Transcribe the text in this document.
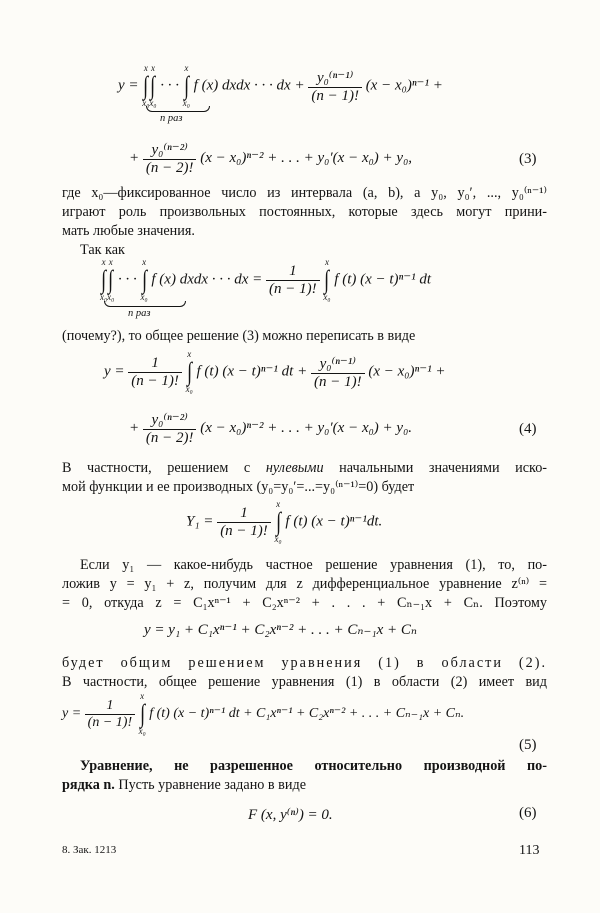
y =
x
∫
x₀
x
∫
x₀
· · ·
x
∫
x₀
f (x) dxdx · · · dx + $\frac{\text{y₀⁽ⁿ⁻¹⁾}}{(n - 1)!} (x - x_0)^{n-1}$ +
n раз
+ $\frac{\text{y₀⁽ⁿ⁻²⁾}}{(n - 2)!} (x - x_0)^{n-2}$ + . . . + y₀′(x − x₀) + y₀,	(3)
где x₀—фиксированное число из интервала (a, b), а y₀, y₀′, ..., y₀⁽ⁿ⁻¹⁾
играют роль произвольных постоянных, которые здесь могут прини-
мать любые значения.
Так как
x
∫
x₀
x
∫
x₀
· · ·
x
∫
x₀
f (x) dxdx · · · dx = $\frac{1}{(n - 1)!}$

x
∫
x₀
f (t) (x − t)ⁿ⁻¹ dt
n раз
(почему?), то общее решение (3) можно переписать в виде
$y = \frac{1}{(n - 1)!}$

x
∫
x₀
f (t) (x − t)ⁿ⁻¹ dt + $\frac{\text{y₀⁽ⁿ⁻¹⁾}}{(n - 1)!} (x - x_0)^{n-1}$ +
+ $\frac{\text{y₀⁽ⁿ⁻²⁾}}{(n - 2)!} (x - x_0)^{n-2}$ + . . . + y₀′(x − x₀) + y₀.	(4)
В частности, решением с нулевыми начальными значениями иско-
мой функции и ее производных (y₀=y₀′=...=y₀⁽ⁿ⁻¹⁾=0) будет
$Y_1 = \frac{1}{(n - 1)!}$

x
∫
x₀
f (t) (x − t)ⁿ⁻¹dt.
Если y₁ — какое-нибудь частное решение уравнения (1), то, по-
ложив y = y₁ + z, получим для z дифференциальное уравнение z⁽ⁿ⁾ =
= 0, откуда z = C₁xⁿ⁻¹ + C₂xⁿ⁻² + . . . + Cₙ₋₁x + Cₙ. Поэтому
y = y₁ + C₁xⁿ⁻¹ + C₂xⁿ⁻² + . . . + Cₙ₋₁x + Cₙ
будет общим решением уравнения (1) в области (2).
В частности, общее решение уравнения (1) в области (2) имеет вид
$y = \frac{1}{(n - 1)!}$

x
∫
x₀
f (t) (x − t)ⁿ⁻¹ dt + C₁xⁿ⁻¹ + C₂xⁿ⁻² + . . . + Cₙ₋₁x + Cₙ.
(5)
Уравнение, не разрешенное относительно производной по-
рядка n. Пусть уравнение задано в виде
F (x, y⁽ⁿ⁾) = 0.	(6)
8. Зак. 1213	113
